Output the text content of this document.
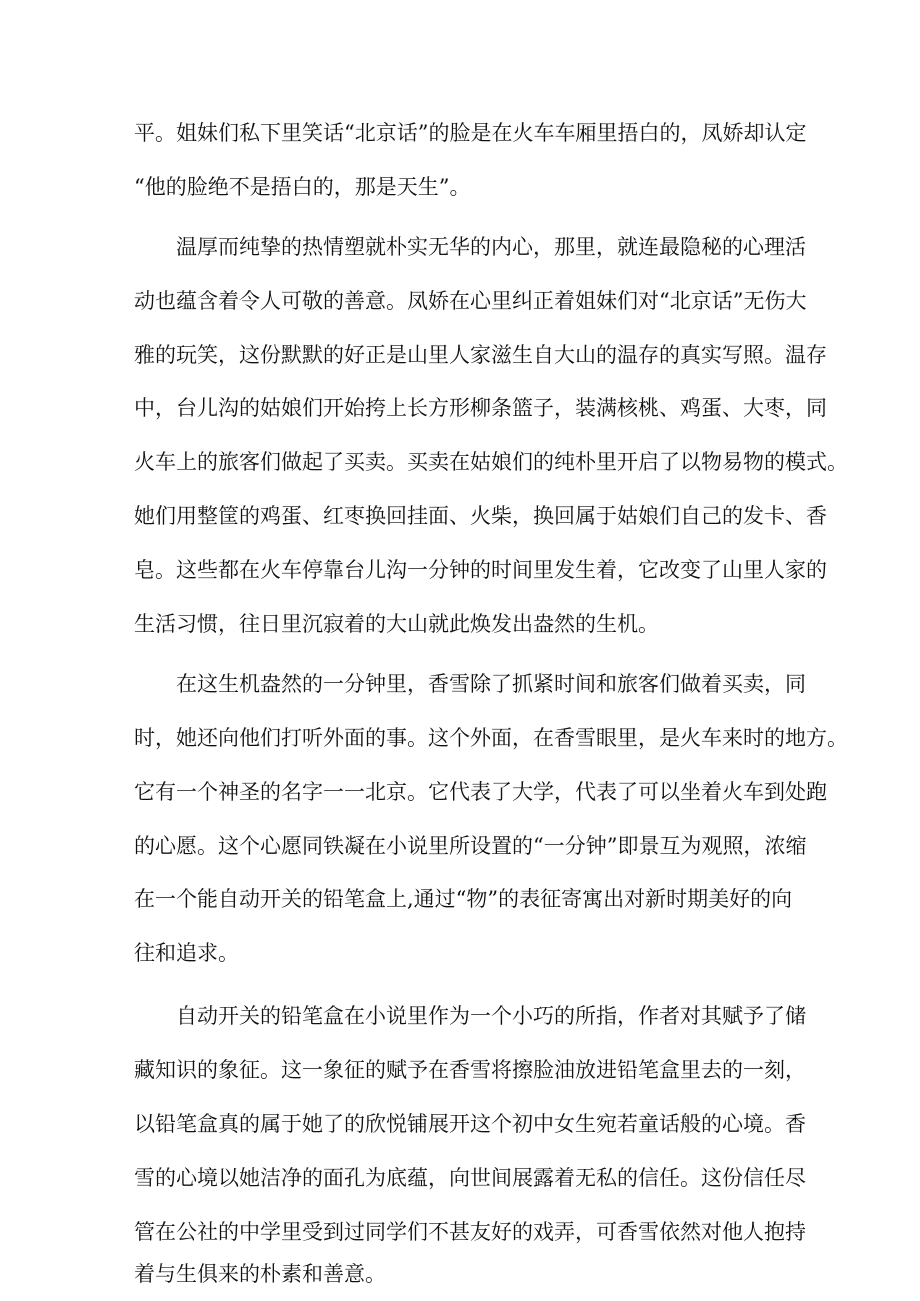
平。姐妹们私下里笑话“北京话”的脸是在火车车厢里捂白的，凤娇却认定

“他的脸绝不是捂白的，那是天生”。

温厚而纯挚的热情塑就朴实无华的内心，那里，就连最隐秘的心理活

动也蕴含着令人可敬的善意。凤娇在心里纠正着姐妹们对“北京话”无伤大

雅的玩笑，这份默默的好正是山里人家滋生自大山的温存的真实写照。温存

中，台儿沟的姑娘们开始挎上长方形柳条篮子，装满核桃、鸡蛋、大枣，同

火车上的旅客们做起了买卖。买卖在姑娘们的纯朴里开启了以物易物的模式。

她们用整筐的鸡蛋、红枣换回挂面、火柴，换回属于姑娘们自己的发卡、香

皂。这些都在火车停靠台儿沟一分钟的时间里发生着，它改变了山里人家的

生活习惯，往日里沉寂着的大山就此焕发出盎然的生机。

在这生机盎然的一分钟里，香雪除了抓紧时间和旅客们做着买卖，同

时，她还向他们打听外面的事。这个外面，在香雪眼里，是火车来时的地方。

它有一个神圣的名字一一北京。它代表了大学，代表了可以坐着火车到处跑

的心愿。这个心愿同铁凝在小说里所设置的“一分钟”即景互为观照，浓缩

在一个能自动开关的铅笔盒上,通过“物”的表征寄寓出对新时期美好的向

往和追求。

自动开关的铅笔盒在小说里作为一个小巧的所指，作者对其赋予了储

藏知识的象征。这一象征的赋予在香雪将擦脸油放进铅笔盒里去的一刻，

以铅笔盒真的属于她了的欣悦铺展开这个初中女生宛若童话般的心境。香

雪的心境以她洁净的面孔为底蕴，向世间展露着无私的信任。这份信任尽

管在公社的中学里受到过同学们不甚友好的戏弄，可香雪依然对他人抱持

着与生俱来的朴素和善意。
